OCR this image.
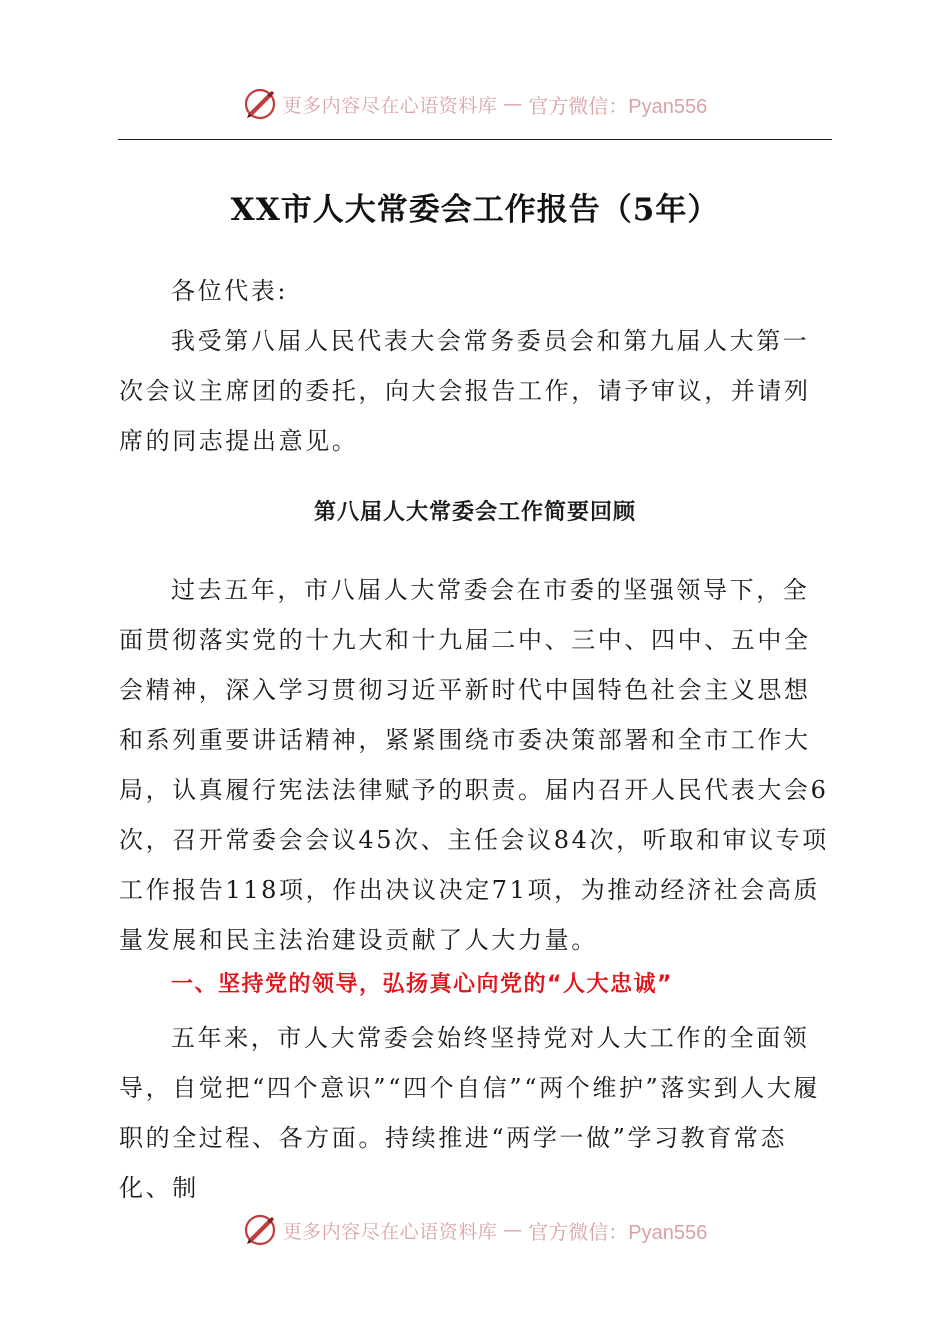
更多内容尽在心语资料库 — 官方微信：Pyan556
XX市人大常委会工作报告（5年）

各位代表:

我受第八届人民代表大会常务委员会和第九届人大第一次会议主席团的委托，向大会报告工作，请予审议，并请列席的同志提出意见。

第八届人大常委会工作简要回顾

过去五年，市八届人大常委会在市委的坚强领导下，全面贯彻落实党的十九大和十九届二中、三中、四中、五中全会精神，深入学习贯彻习近平新时代中国特色社会主义思想和系列重要讲话精神，紧紧围绕市委决策部署和全市工作大局，认真履行宪法法律赋予的职责。届内召开人民代表大会6次，召开常委会会议45次、主任会议84次，听取和审议专项工作报告118项，作出决议决定71项，为推动经济社会高质量发展和民主法治建设贡献了人大力量。

一、坚持党的领导，弘扬真心向党的“人大忠诚”

五年来，市人大常委会始终坚持党对人大工作的全面领导，自觉把“四个意识”“四个自信”“两个维护”落实到人大履职的全过程、各方面。持续推进“两学一做”学习教育常态化、制

更多内容尽在心语资料库 — 官方微信：Pyan556
